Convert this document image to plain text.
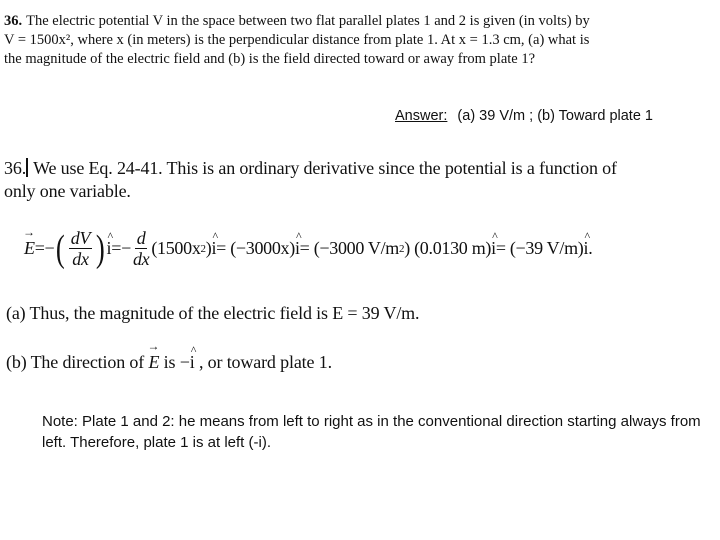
36. The electric potential V in the space between two flat parallel plates 1 and 2 is given (in volts) by
V = 1500x², where x (in meters) is the perpendicular distance from plate 1. At x = 1.3 cm, (a) what is
the magnitude of the electric field and (b) is the field directed toward or away from plate 1?
Answer: (a) 39 V/m ; (b) Toward plate 1
36. We use Eq. 24-41. This is an ordinary derivative since the potential is a function of
only one variable.
→ E =− ( $\frac{dV}{dx}$ ) ^ $i =- \frac{d}{dx} (1500x$ 2 ) ^ i = (−3000x) ^ i = (−3000 V/m 2 ) (0.0130 m) ^ i = (−39 V/m) ^ i .
(a) Thus, the magnitude of the electric field is E = 39 V/m.
(b) The direction of → E is −^ i , or toward plate 1.
Note: Plate 1 and 2: he means from left to right as in the conventional direction starting always from left. Therefore, plate 1 is at left (-i).
